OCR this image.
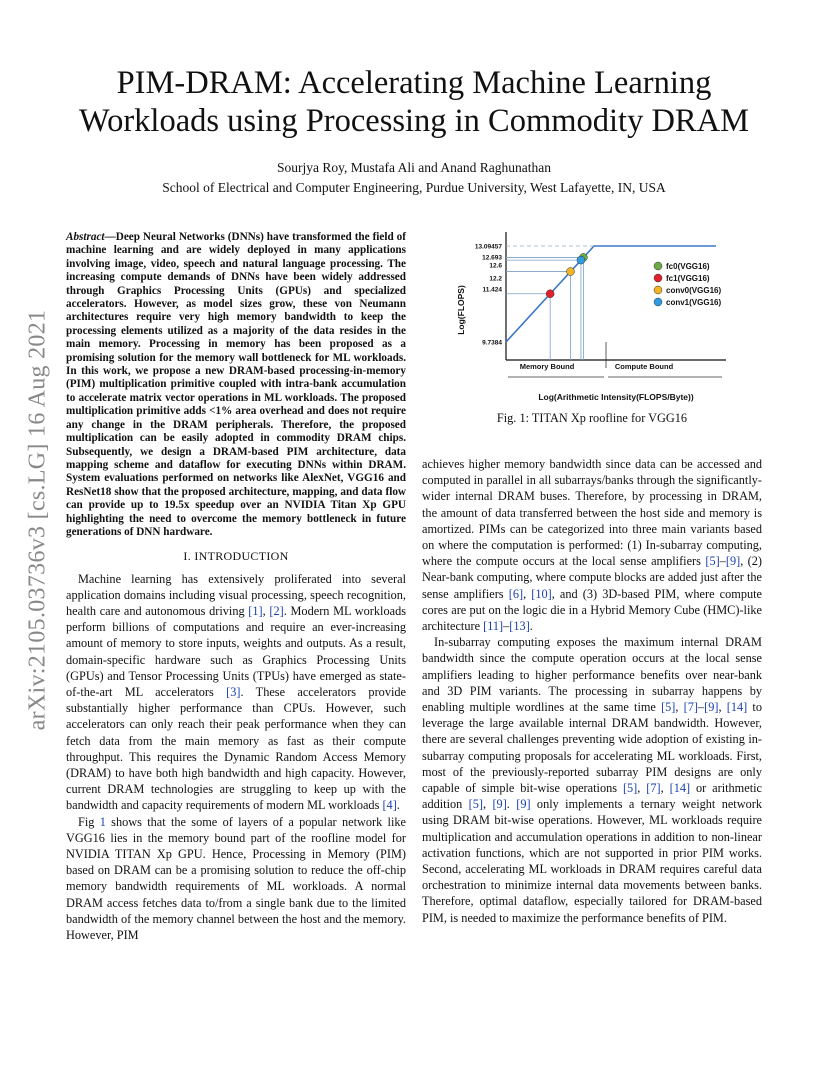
arXiv:2105.03736v3 [cs.LG] 16 Aug 2021
PIM-DRAM: Accelerating Machine Learning
Workloads using Processing in Commodity DRAM
Sourjya Roy, Mustafa Ali and Anand Raghunathan
School of Electrical and Computer Engineering, Purdue University, West Lafayette, IN, USA
Abstract—Deep Neural Networks (DNNs) have transformed the field of machine learning and are widely deployed in many applications involving image, video, speech and natural language processing. The increasing compute demands of DNNs have been widely addressed through Graphics Processing Units (GPUs) and specialized accelerators. However, as model sizes grow, these von Neumann architectures require very high memory bandwidth to keep the processing elements utilized as a majority of the data resides in the main memory. Processing in memory has been proposed as a promising solution for the memory wall bottleneck for ML workloads. In this work, we propose a new DRAM-based processing-in-memory (PIM) multiplication primitive coupled with intra-bank accumulation to accelerate matrix vector operations in ML workloads. The proposed multiplication primitive adds <1% area overhead and does not require any change in the DRAM peripherals. Therefore, the proposed multiplication can be easily adopted in commodity DRAM chips. Subsequently, we design a DRAM-based PIM architecture, data mapping scheme and dataflow for executing DNNs within DRAM. System evaluations performed on networks like AlexNet, VGG16 and ResNet18 show that the proposed architecture, mapping, and data flow can provide up to 19.5x speedup over an NVIDIA Titan Xp GPU highlighting the need to overcome the memory bottleneck in future generations of DNN hardware.
I. INTRODUCTION

Machine learning has extensively proliferated into several application domains including visual processing, speech recognition, health care and autonomous driving [1], [2]. Modern ML workloads perform billions of computations and require an ever-increasing amount of memory to store inputs, weights and outputs. As a result, domain-specific hardware such as Graphics Processing Units (GPUs) and Tensor Processing Units (TPUs) have emerged as state-of-the-art ML accelerators [3]. These accelerators provide substantially higher performance than CPUs. However, such accelerators can only reach their peak performance when they can fetch data from the main memory as fast as their compute throughput. This requires the Dynamic Random Access Memory (DRAM) to have both high bandwidth and high capacity. However, current DRAM technologies are struggling to keep up with the bandwidth and capacity requirements of modern ML workloads [4].

Fig 1 shows that the some of layers of a popular network like VGG16 lies in the memory bound part of the roofline model for NVIDIA TITAN Xp GPU. Hence, Processing in Memory (PIM) based on DRAM can be a promising solution to reduce the off-chip memory bandwidth requirements of ML workloads. A normal DRAM access fetches data to/from a single bank due to the limited bandwidth of the memory channel between the host and the memory. However, PIM

Memory Bound	Compute Bound
Log(Arithmetic Intensity(FLOPS/Byte))
Log(FLOPS)
13.09457
12.693
12.6
12.2
11.424
9.7384
fc0(VGG16)
fc1(VGG16)
conv0(VGG16)
conv1(VGG16)
Fig. 1: TITAN Xp roofline for VGG16

achieves higher memory bandwidth since data can be accessed and computed in parallel in all subarrays/banks through the significantly-wider internal DRAM buses. Therefore, by processing in DRAM, the amount of data transferred between the host side and memory is amortized. PIMs can be categorized into three main variants based on where the computation is performed: (1) In-subarray computing, where the compute occurs at the local sense amplifiers [5]–[9], (2) Near-bank computing, where compute blocks are added just after the sense amplifiers [6], [10], and (3) 3D-based PIM, where compute cores are put on the logic die in a Hybrid Memory Cube (HMC)-like architecture [11]–[13].

In-subarray computing exposes the maximum internal DRAM bandwidth since the compute operation occurs at the local sense amplifiers leading to higher performance benefits over near-bank and 3D PIM variants. The processing in subarray happens by enabling multiple wordlines at the same time [5], [7]–[9], [14] to leverage the large available internal DRAM bandwidth. However, there are several challenges preventing wide adoption of existing in-subarray computing proposals for accelerating ML workloads. First, most of the previously-reported subarray PIM designs are only capable of simple bit-wise operations [5], [7], [14] or arithmetic addition [5], [9]. [9] only implements a ternary weight network using DRAM bit-wise operations. However, ML workloads require multiplication and accumulation operations in addition to non-linear activation functions, which are not supported in prior PIM works. Second, accelerating ML workloads in DRAM requires careful data orchestration to minimize internal data movements between banks. Therefore, optimal dataflow, especially tailored for DRAM-based PIM, is needed to maximize the performance benefits of PIM.
